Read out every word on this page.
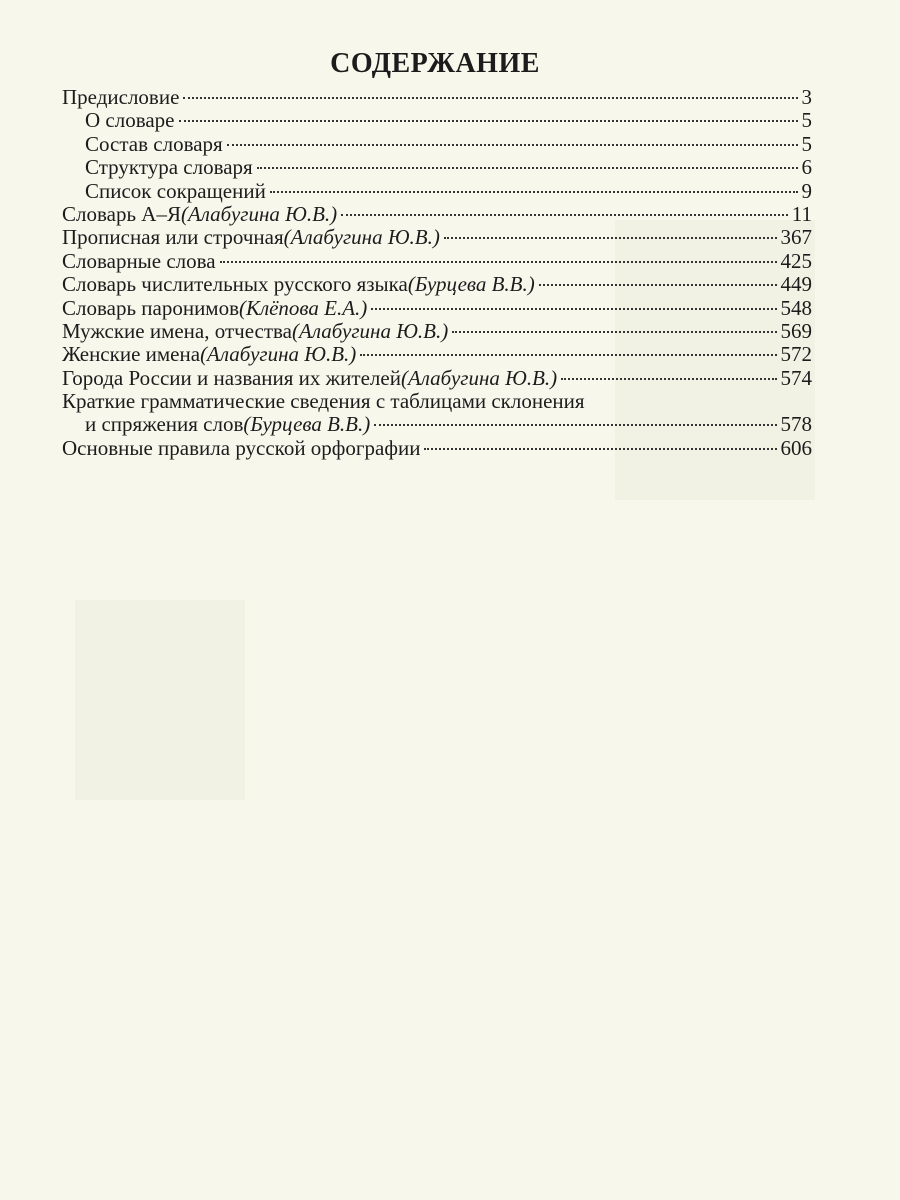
СОДЕРЖАНИЕ
Предисловие	3
О словаре	5
Состав словаря	5
Структура словаря	6
Список сокращений	9
Словарь А–Я (Алабугина Ю.В.)	11
Прописная или строчная (Алабугина Ю.В.)	367
Словарные слова	425
Словарь числительных русского языка (Бурцева В.В.)	449
Словарь паронимов (Клёпова Е.А.)	548
Мужские имена, отчества (Алабугина Ю.В.)	569
Женские имена (Алабугина Ю.В.)	572
Города России и названия их жителей (Алабугина Ю.В.)	574
Краткие грамматические сведения с таблицами склонения
и спряжения слов (Бурцева В.В.)	578
Основные правила русской орфографии	606
